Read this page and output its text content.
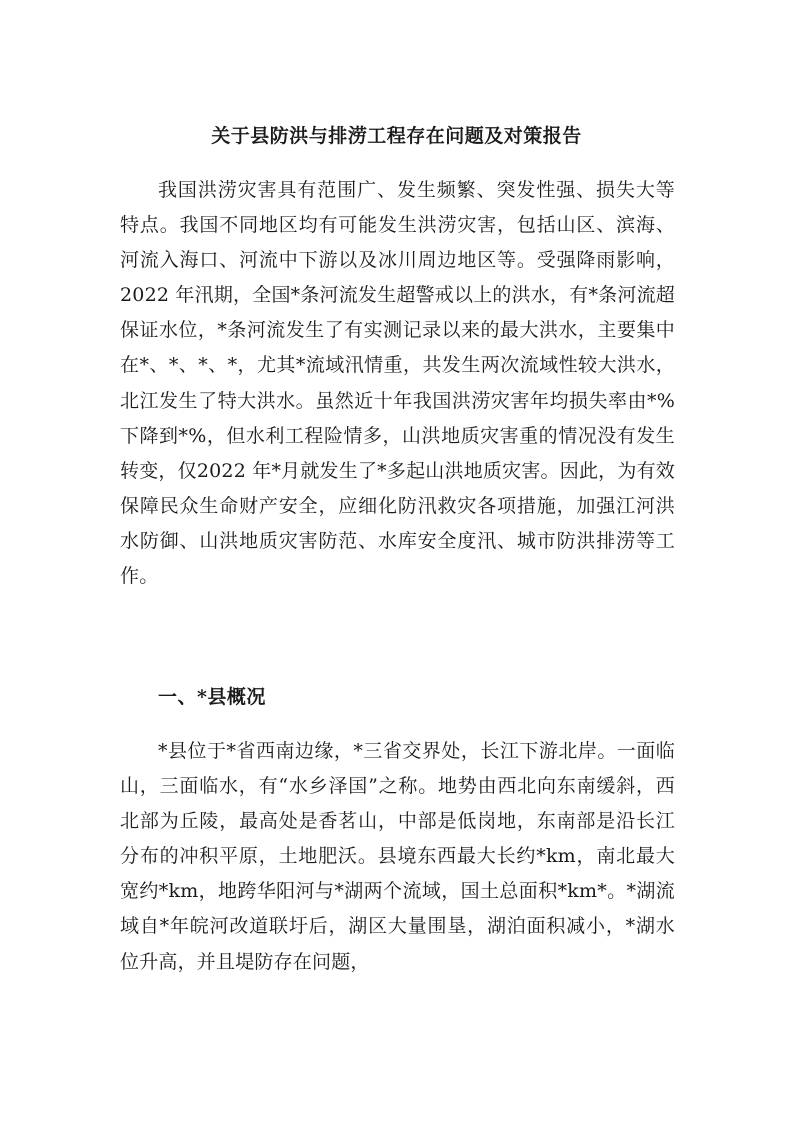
关于县防洪与排涝工程存在问题及对策报告

我国洪涝灾害具有范围广、发生频繁、突发性强、损失大等特点。我国不同地区均有可能发生洪涝灾害，包括山区、滨海、河流入海口、河流中下游以及冰川周边地区等。受强降雨影响，2022 年汛期，全国*条河流发生超警戒以上的洪水，有*条河流超保证水位，*条河流发生了有实测记录以来的最大洪水，主要集中在*、*、*、*，尤其*流域汛情重，共发生两次流域性较大洪水，北江发生了特大洪水。虽然近十年我国洪涝灾害年均损失率由*%下降到*%，但水利工程险情多，山洪地质灾害重的情况没有发生转变，仅2022 年*月就发生了*多起山洪地质灾害。因此，为有效保障民众生命财产安全，应细化防汛救灾各项措施，加强江河洪水防御、山洪地质灾害防范、水库安全度汛、城市防洪排涝等工作。

一、*县概况

*县位于*省西南边缘，*三省交界处，长江下游北岸。一面临山，三面临水，有“水乡泽国”之称。地势由西北向东南缓斜，西北部为丘陵，最高处是香茗山，中部是低岗地，东南部是沿长江分布的冲积平原，土地肥沃。县境东西最大长约*km，南北最大宽约*km，地跨华阳河与*湖两个流域，国土总面积*km*。*湖流域自*年皖河改道联圩后，湖区大量围垦，湖泊面积减小，*湖水位升高，并且堤防存在问题，
